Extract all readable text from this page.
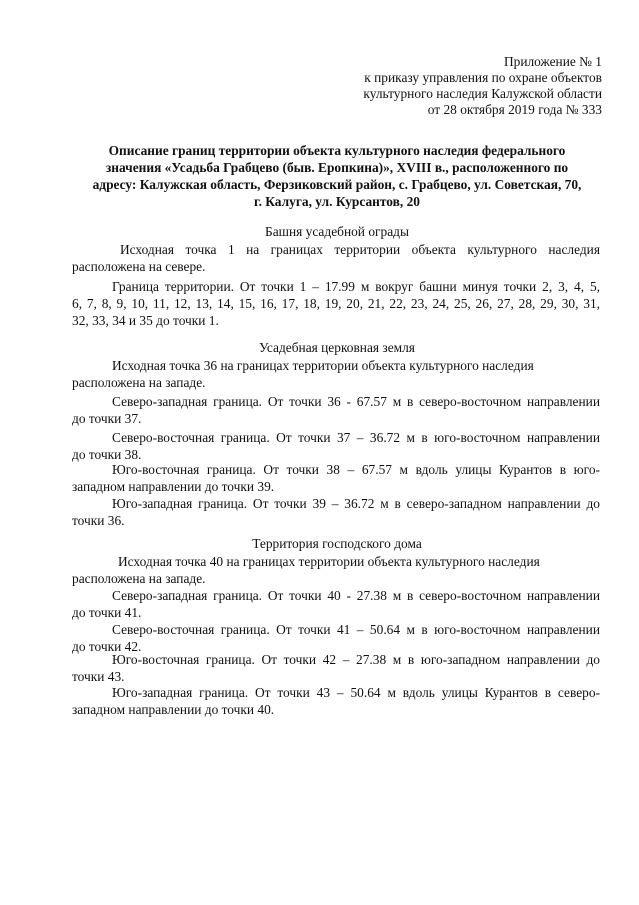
Приложение № 1
к приказу управления по охране объектов
культурного наследия Калужской области
от 28 октября 2019 года № 333
Описание границ территории объекта культурного наследия федерального
значения «Усадьба Грабцево (быв. Еропкина)», XVIII в., расположенного по
адресу: Калужская область, Ферзиковский район, с. Грабцево, ул. Советская, 70,
г. Калуга, ул. Курсантов, 20
Башня усадебной ограды
Исходная точка 1 на границах территории объекта культурного наследия
расположена на севере.
Граница территории. От точки 1 – 17.99 м вокруг башни минуя точки 2, 3, 4, 5,
6, 7, 8, 9, 10, 11, 12, 13, 14, 15, 16, 17, 18, 19, 20, 21, 22, 23, 24, 25, 26, 27, 28, 29, 30, 31,
32, 33, 34 и 35 до точки 1.
Усадебная церковная земля
Исходная точка 36 на границах территории объекта культурного наследия
расположена на западе.
Северо-западная граница. От точки 36 - 67.57 м в северо-восточном направлении
до точки 37.
Северо-восточная граница. От точки 37 – 36.72 м в юго-восточном направлении
до точки 38.
Юго-восточная граница. От точки 38 – 67.57 м вдоль улицы Курантов в юго-
западном направлении до точки 39.
Юго-западная граница. От точки 39 – 36.72 м в северо-западном направлении до
точки 36.
Территория господского дома
Исходная точка 40 на границах территории объекта культурного наследия
расположена на западе.
Северо-западная граница. От точки 40 - 27.38 м в северо-восточном направлении
до точки 41.
Северо-восточная граница. От точки 41 – 50.64 м в юго-восточном направлении
до точки 42.
Юго-восточная граница. От точки 42 – 27.38 м в юго-западном направлении до
точки 43.
Юго-западная граница. От точки 43 – 50.64 м вдоль улицы Курантов в северо-
западном направлении до точки 40.
